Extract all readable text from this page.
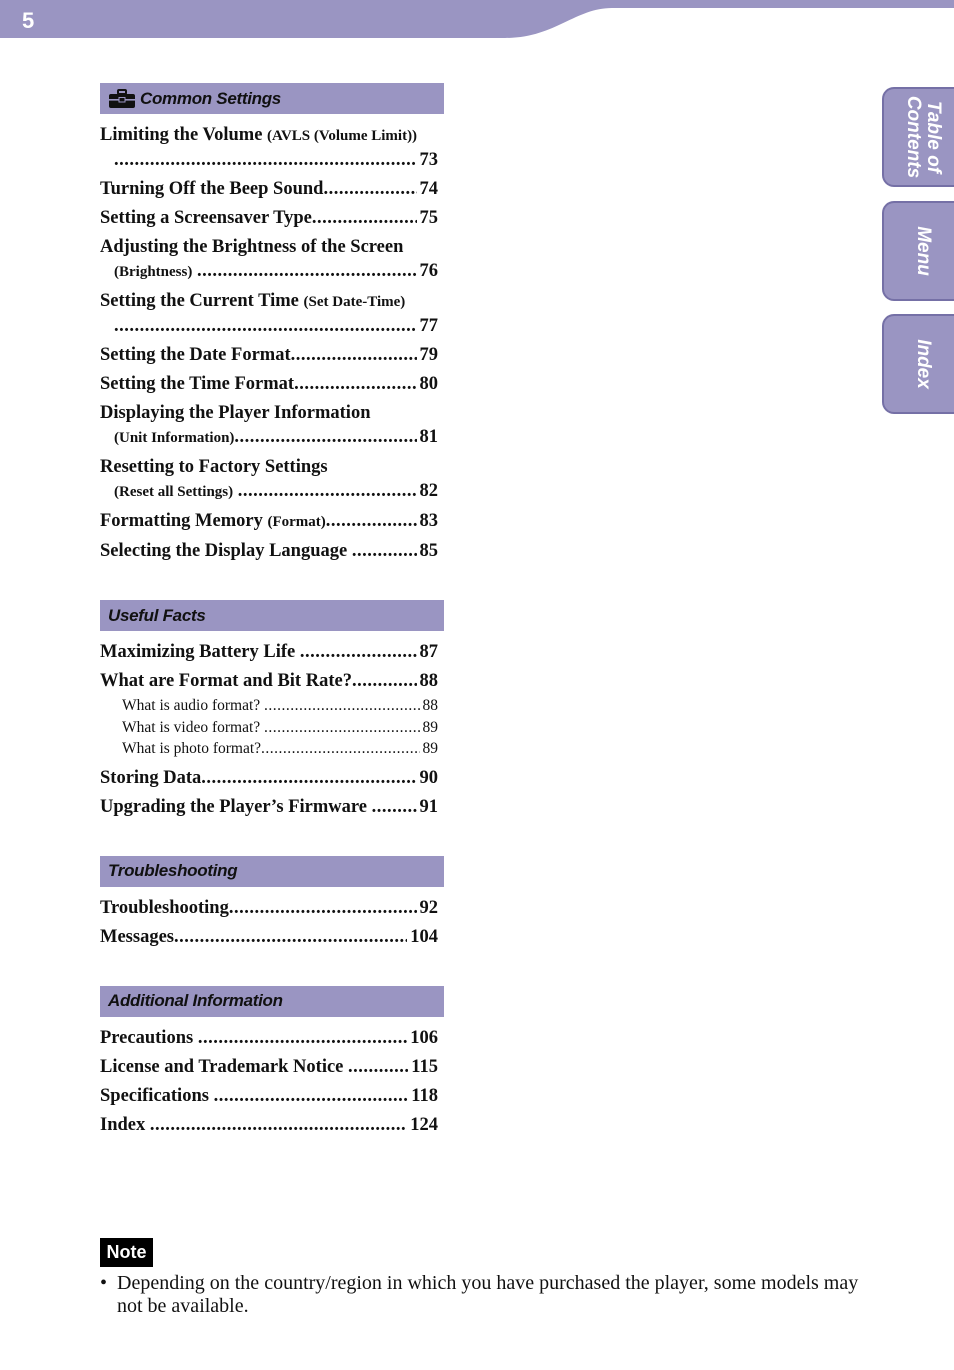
5
Table of
Contents
Menu
Index
Common Settings
Limiting the Volume
(AVLS (Volume Limit))
.....
73
Turning Off the Beep Sound .....	74
Setting a Screensaver Type .....	75
Adjusting the Brightness of the Screen
(Brightness)
.....	76
Setting the Current Time
(Set Date-Time)
.....
77
Setting the Date Format .....	79
Setting the Time Format .....	80
Displaying the Player Information
(Unit Information) .....	81
Resetting to Factory Settings
(Reset all Settings)
.....	82
Formatting Memory
(Format) .....	83
Selecting the Display Language
.....	85
Useful Facts
Maximizing Battery Life
.....	87
What are Format and Bit Rate? .....	88
What is audio format?
.....	88
What is video format?
.....	89
What is photo format? .....	89
Storing Data .....	90
Upgrading the Player’s Firmware
.....	91
Troubleshooting
Troubleshooting .....	92
Messages .....	104
Additional Information
Precautions
.....	106
License and Trademark Notice
.....	115
Specifications
.....	118
Index
.....	124
Note
• Depending on the country/region in which you have purchased the player, some models may not be available.
